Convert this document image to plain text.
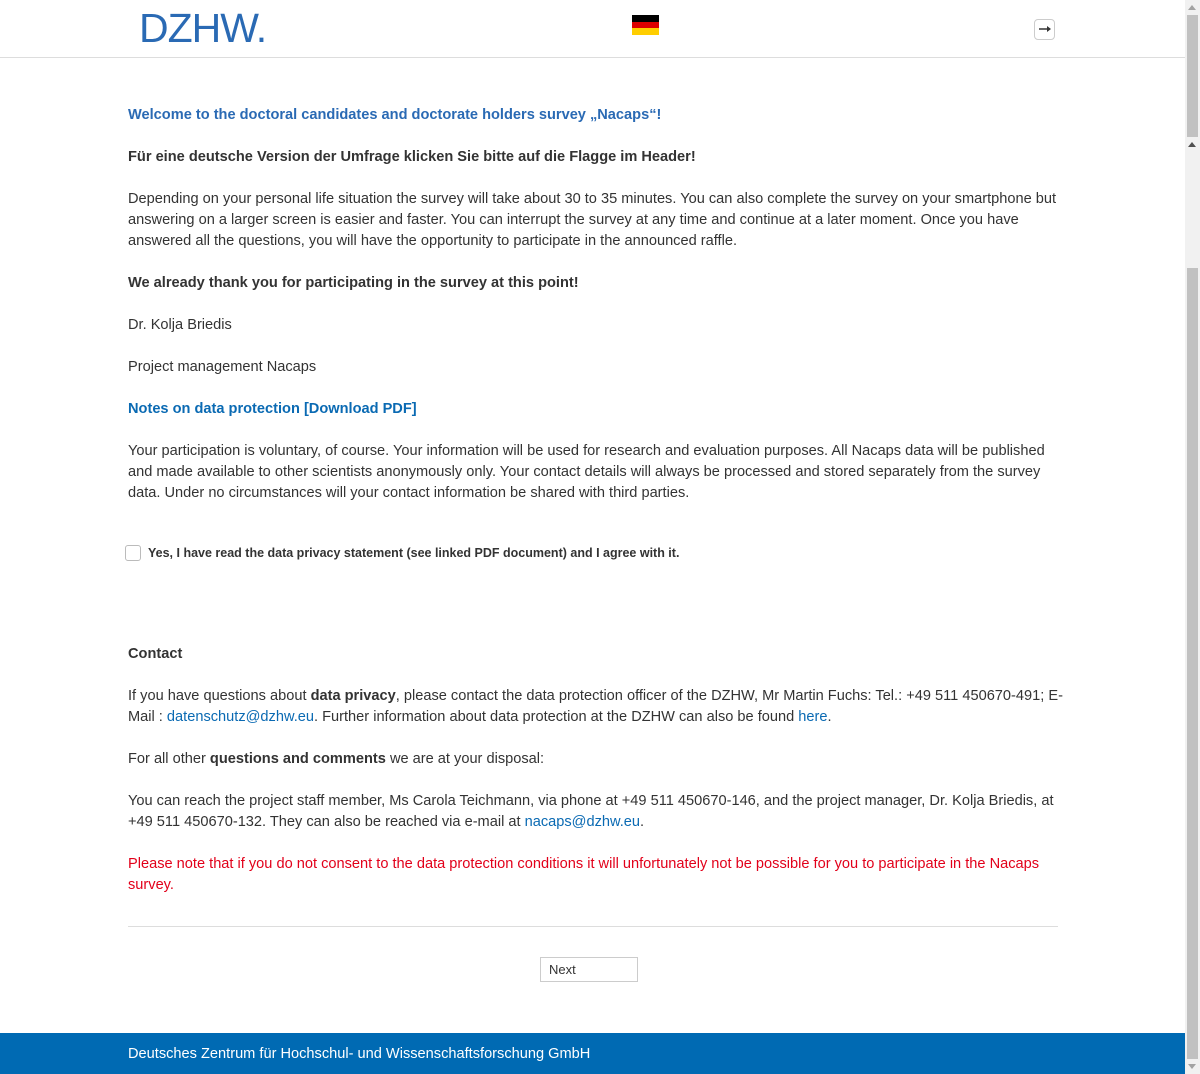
DZHW.

Welcome to the doctoral candidates and doctorate holders survey „Nacaps“!

Für eine deutsche Version der Umfrage klicken Sie bitte auf die Flagge im Header!

Depending on your personal life situation the survey will take about 30 to 35 minutes. You can also complete the survey on your smartphone but answering on a larger screen is easier and faster. You can interrupt the survey at any time and continue at a later moment. Once you have answered all the questions, you will have the opportunity to participate in the announced raffle.

We already thank you for participating in the survey at this point!

Dr. Kolja Briedis

Project management Nacaps

Notes on data protection [Download PDF]

Your participation is voluntary, of course. Your information will be used for research and evaluation purposes. All Nacaps data will be published and made available to other scientists anonymously only. Your contact details will always be processed and stored separately from the survey data. Under no circumstances will your contact information be shared with third parties.

Yes, I have read the data privacy statement (see linked PDF document) and I agree with it.

Contact

If you have questions about data privacy, please contact the data protection officer of the DZHW, Mr Martin Fuchs: Tel.: +49 511 450670-491; E-Mail : datenschutz@dzhw.eu. Further information about data protection at the DZHW can also be found here.

For all other questions and comments we are at your disposal:

You can reach the project staff member, Ms Carola Teichmann, via phone at +49 511 450670-146, and the project manager, Dr. Kolja Briedis, at +49 511 450670-132. They can also be reached via e-mail at nacaps@dzhw.eu.

Please note that if you do not consent to the data protection conditions it will unfortunately not be possible for you to participate in the Nacaps survey.

Next
Deutsches Zentrum für Hochschul- und Wissenschaftsforschung GmbH
